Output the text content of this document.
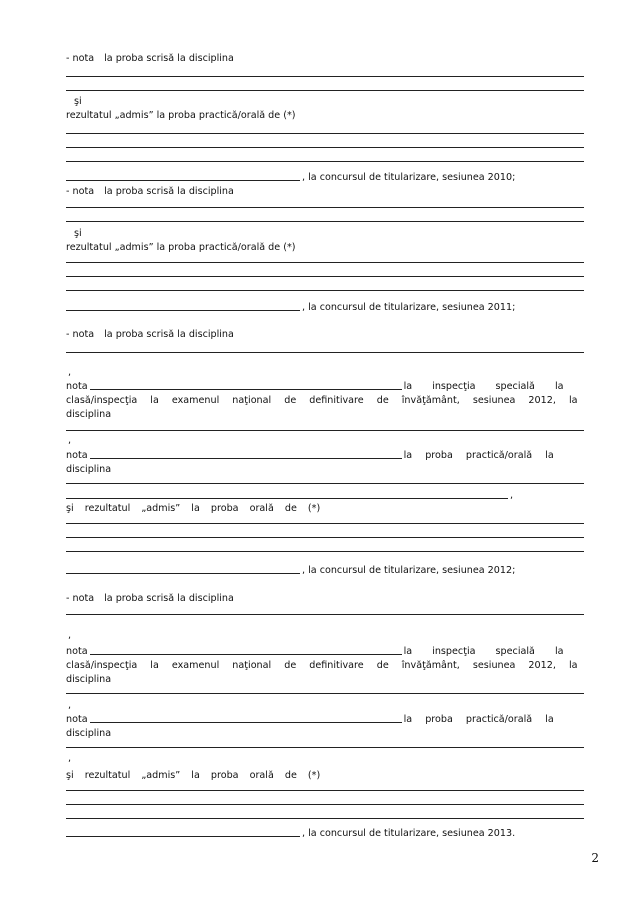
- nota la proba scrisă la disciplina
şi
rezultatul „admis” la proba practică/orală de (*)
, la concursul de titularizare, sesiunea 2010;
- nota la proba scrisă la disciplina
şi
rezultatul „admis” la proba practică/orală de (*)
, la concursul de titularizare, sesiunea 2011;
- nota la proba scrisă la disciplina
,
nota	la inspecţia specială la
clasă/inspecţia la examenul naţional de definitivare de învăţământ, sesiunea 2012, la
disciplina
,
nota	la proba practică/orală la
disciplina
,
şi rezultatul „admis” la proba orală de (*)
, la concursul de titularizare, sesiunea 2012;
- nota la proba scrisă la disciplina
,
nota	la inspecţia specială la
clasă/inspecţia la examenul naţional de definitivare de învăţământ, sesiunea 2012, la
disciplina
,
nota	la proba practică/orală la
disciplina
,
şi rezultatul „admis” la proba orală de (*)
, la concursul de titularizare, sesiunea 2013.
2
